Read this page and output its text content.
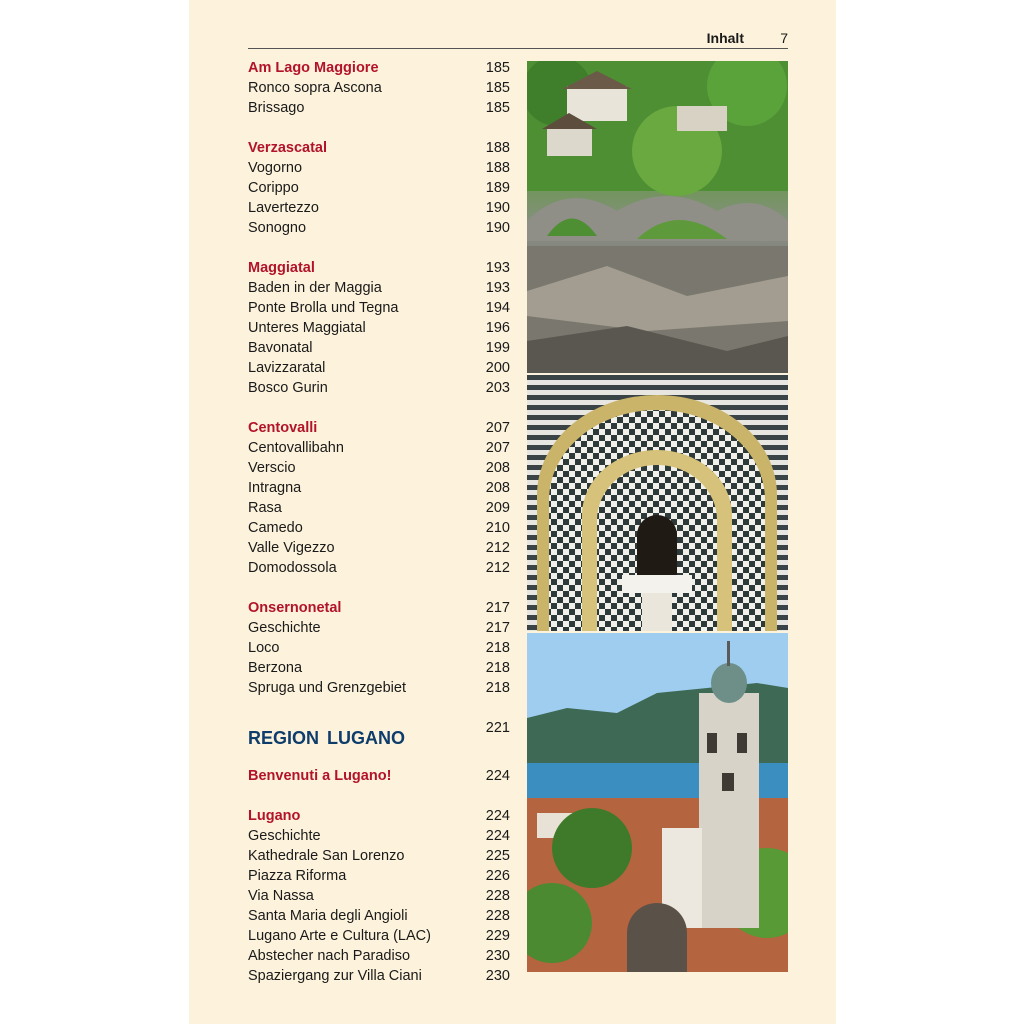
Inhalt	7
Am Lago Maggiore	185
Ronco sopra Ascona	185
Brissago	185
Verzascatal	188
Vogorno	188
Corippo	189
Lavertezzo	190
Sonogno	190
Maggiatal	193
Baden in der Maggia	193
Ponte Brolla und Tegna	194
Unteres Maggiatal	196
Bavonatal	199
Lavizzaratal	200
Bosco Gurin	203
Centovalli	207
Centovallibahn	207
Verscio	208
Intragna	208
Rasa	209
Camedo	210
Valle Vigezzo	212
Domodossola	212
Onsernonetal	217
Geschichte	217
Loco	218
Berzona	218
Spruga und Grenzgebiet	218
REGION LUGANO	221
Benvenuti a Lugano!	224
Lugano	224
Geschichte	224
Kathedrale San Lorenzo	225
Piazza Riforma	226
Via Nassa	228
Santa Maria degli Angioli	228
Lugano Arte e Cultura (LAC)	229
Abstecher nach Paradiso	230
Spaziergang zur Villa Ciani	230
